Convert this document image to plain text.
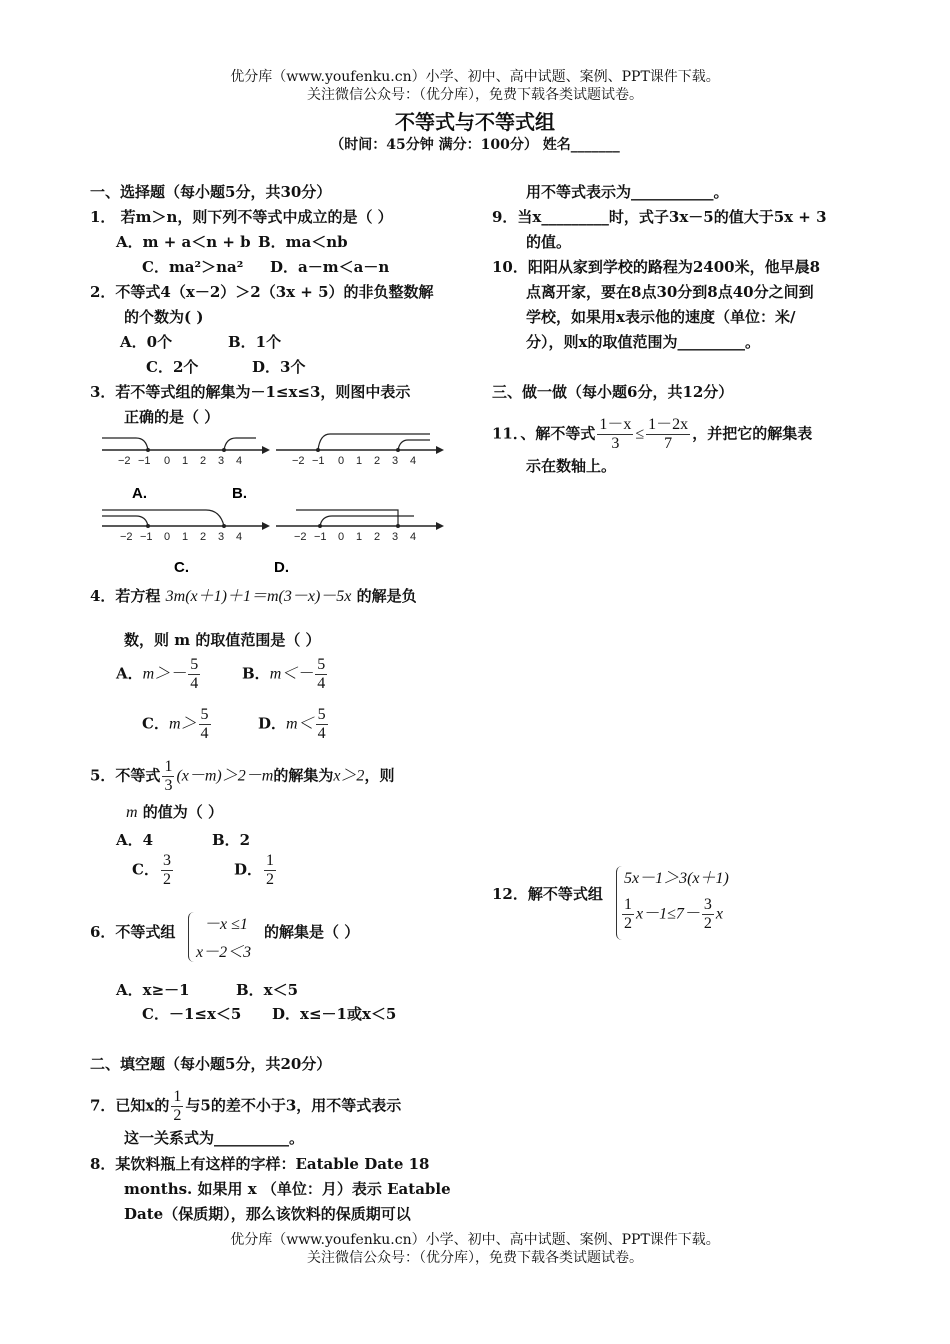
优分库（www.youfenku.cn）小学、初中、高中试题、案例、PPT课件下载。
关注微信公众号：（优分库），免费下载各类试题试卷。
不等式与不等式组
（时间：45分钟 满分：100分） 姓名_______
一、选择题（每小题5分，共30分）
1． 若m＞n，则下列不等式中成立的是（ ）
A．m + a＜n + b B．ma＜nb
C．ma²＞na² D．a－m＜a－n
2．不等式4（x－2）＞2（3x + 5）的非负整数解
的个数为( )
A．0个	B．1个
C．2个	D．3个
3．若不等式组的解集为－1≤x≤3，则图中表示
正确的是（ ）
−2 −1 0 1 2 3 4	−2 −1 0 1 2 3 4
A.	B.
−2 −1 0 1 2 3 4	−2 −1 0 1 2 3 4
C.	D.
4．若方程 3m(x＋1)＋1＝m(3－x)－5x 的解是负
数，则 m 的取值范围是（ ）
A．$m>- \frac{5}{4}$	B．$m<- \frac{5}{4}$
C．$m> \frac{5}{4}$	D．$m< \frac{5}{4}$
5．不等式 $\frac{1}{3} (x-m)>2-m$的解集为x＞2，则
m 的值为（ ）
A．4	B．2
C． $\frac{3}{2}$	D． $\frac{1}{2}$
6．不等式组 －x ≤1
x－2＜3
的解集是（ ）
A．x≥－1	B．x＜5
C．－1≤x＜5 D．x≤－1或x＜5
二、填空题（每小题5分，共20分）
7．已知x的 $\frac{1}{2}$ 与5的差不小于3，用不等式表示
这一关系式为__________。
8．某饮料瓶上有这样的字样：Eatable Date 18
months. 如果用 x （单位：月）表示 Eatable
Date（保质期），那么该饮料的保质期可以
用不等式表示为___________。
9．当x_________时，式子3x－5的值大于5x + 3
的值。
10．阳阳从家到学校的路程为2400米，他早晨8
点离开家，要在8点30分到8点40分之间到
学校，如果用x表示他的速度（单位：米/
分），则x的取值范围为_________。
三、做一做（每小题6分，共12分）
11．、解不等式 $\frac{1-x}{3} \le \frac{1-2x}{7}$ ，并把它的解集表
示在数轴上。
12．解不等式组
5x－1＞3(x＋1)
$\frac{1}{2} x-1\le 7- \frac{3}{2}$ x
优分库（www.youfenku.cn）小学、初中、高中试题、案例、PPT课件下载。
关注微信公众号：（优分库），免费下载各类试题试卷。
